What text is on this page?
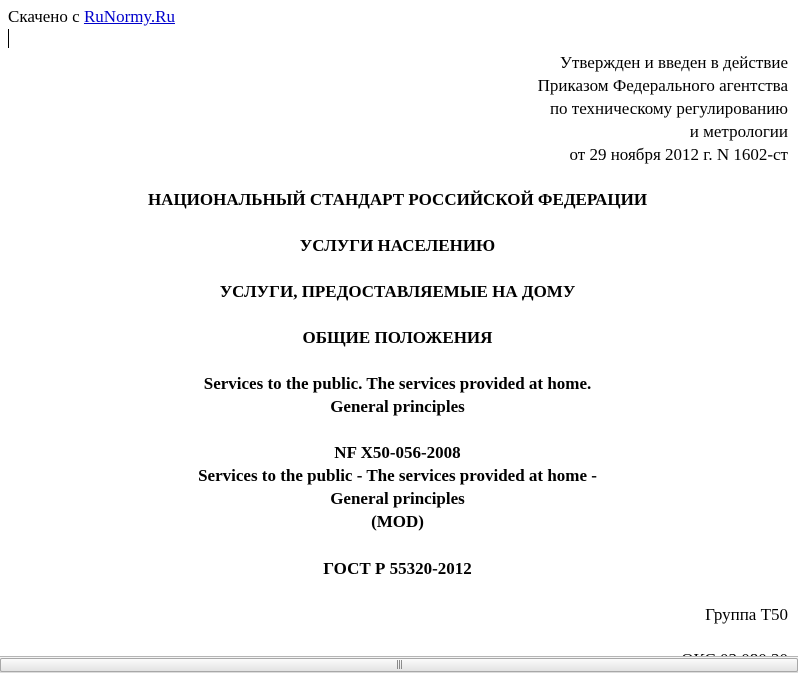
Скачено с RuNormy.Ru
Утвержден и введен в действие
Приказом Федерального агентства
по техническому регулированию
и метрологии
от 29 ноября 2012 г. N 1602-ст
НАЦИОНАЛЬНЫЙ СТАНДАРТ РОССИЙСКОЙ ФЕДЕРАЦИИ
УСЛУГИ НАСЕЛЕНИЮ
УСЛУГИ, ПРЕДОСТАВЛЯЕМЫЕ НА ДОМУ
ОБЩИЕ ПОЛОЖЕНИЯ
Services to the public. The services provided at home.
General principles
NF X50-056-2008
Services to the public - The services provided at home -
General principles
(MOD)
ГОСТ Р 55320-2012
Группа Т50
|||
